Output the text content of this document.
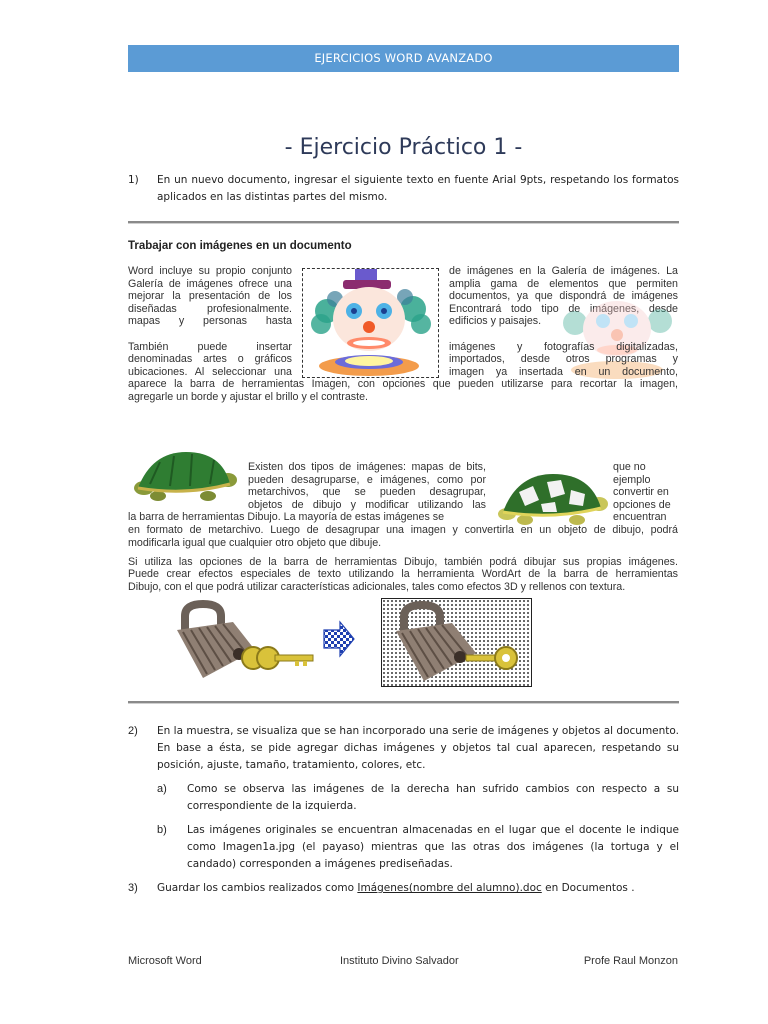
EJERCICIOS WORD AVANZADO
- Ejercicio Práctico 1 -
1)	En un nuevo documento, ingresar el siguiente texto en fuente Arial 9pts, respetando los formatos aplicados en las distintas partes del mismo.
Trabajar con imágenes en un documento
Word incluye su propio conjunto
Galería de imágenes ofrece una
mejorar la presentación de los
diseñadas profesionalmente.
mapas y personas hasta
de imágenes en la Galería de imágenes. La
amplia gama de elementos que permiten
documentos, ya que dispondrá de imágenes
Encontrará todo tipo de imágenes, desde
edificios y paisajes.
También puede insertar
denominadas artes o gráficos
ubicaciones. Al seleccionar una
imágenes y fotografías digitalizadas,
importados, desde otros programas y
imagen ya insertada en un documento,
aparece la barra de herramientas Imagen, con opciones que pueden utilizarse para recortar la imagen,
agregarle un borde y ajustar el brillo y el contraste.
Existen dos tipos de imágenes: mapas de bits,
pueden desagruparse, e imágenes, como por
metarchivos, que se pueden desagrupar,
objetos de dibujo y modificar utilizando las
que no
ejemplo
convertir en
opciones de
encuentran
la barra de herramientas Dibujo. La mayoría de estas imágenes se
en formato de metarchivo. Luego de desagrupar una imagen y convertirla en un objeto de dibujo, podrá
modificarla igual que cualquier otro objeto que dibuje.
Si utiliza las opciones de la barra de herramientas Dibujo, también podrá dibujar sus propias imágenes.
Puede crear efectos especiales de texto utilizando la herramienta WordArt de la barra de herramientas
Dibujo, con el que podrá utilizar características adicionales, tales como efectos 3D y rellenos con textura.
2)	En la muestra, se visualiza que se han incorporado una serie de imágenes y objetos al documento. En base a ésta, se pide agregar dichas imágenes y objetos tal cual aparecen, respetando su posición, ajuste, tamaño, tratamiento, colores, etc.
a)	Como se observa las imágenes de la derecha han sufrido cambios con respecto a su correspondiente de la izquierda.
b)	Las imágenes originales se encuentran almacenadas en el lugar que el docente le indique como Imagen1a.jpg (el payaso) mientras que las otras dos imágenes (la tortuga y el candado) corresponden a imágenes prediseñadas.
3)	Guardar los cambios realizados como Imágenes(nombre del alumno).doc en Documentos .
Microsoft Word	Instituto Divino Salvador	Profe Raul Monzon
